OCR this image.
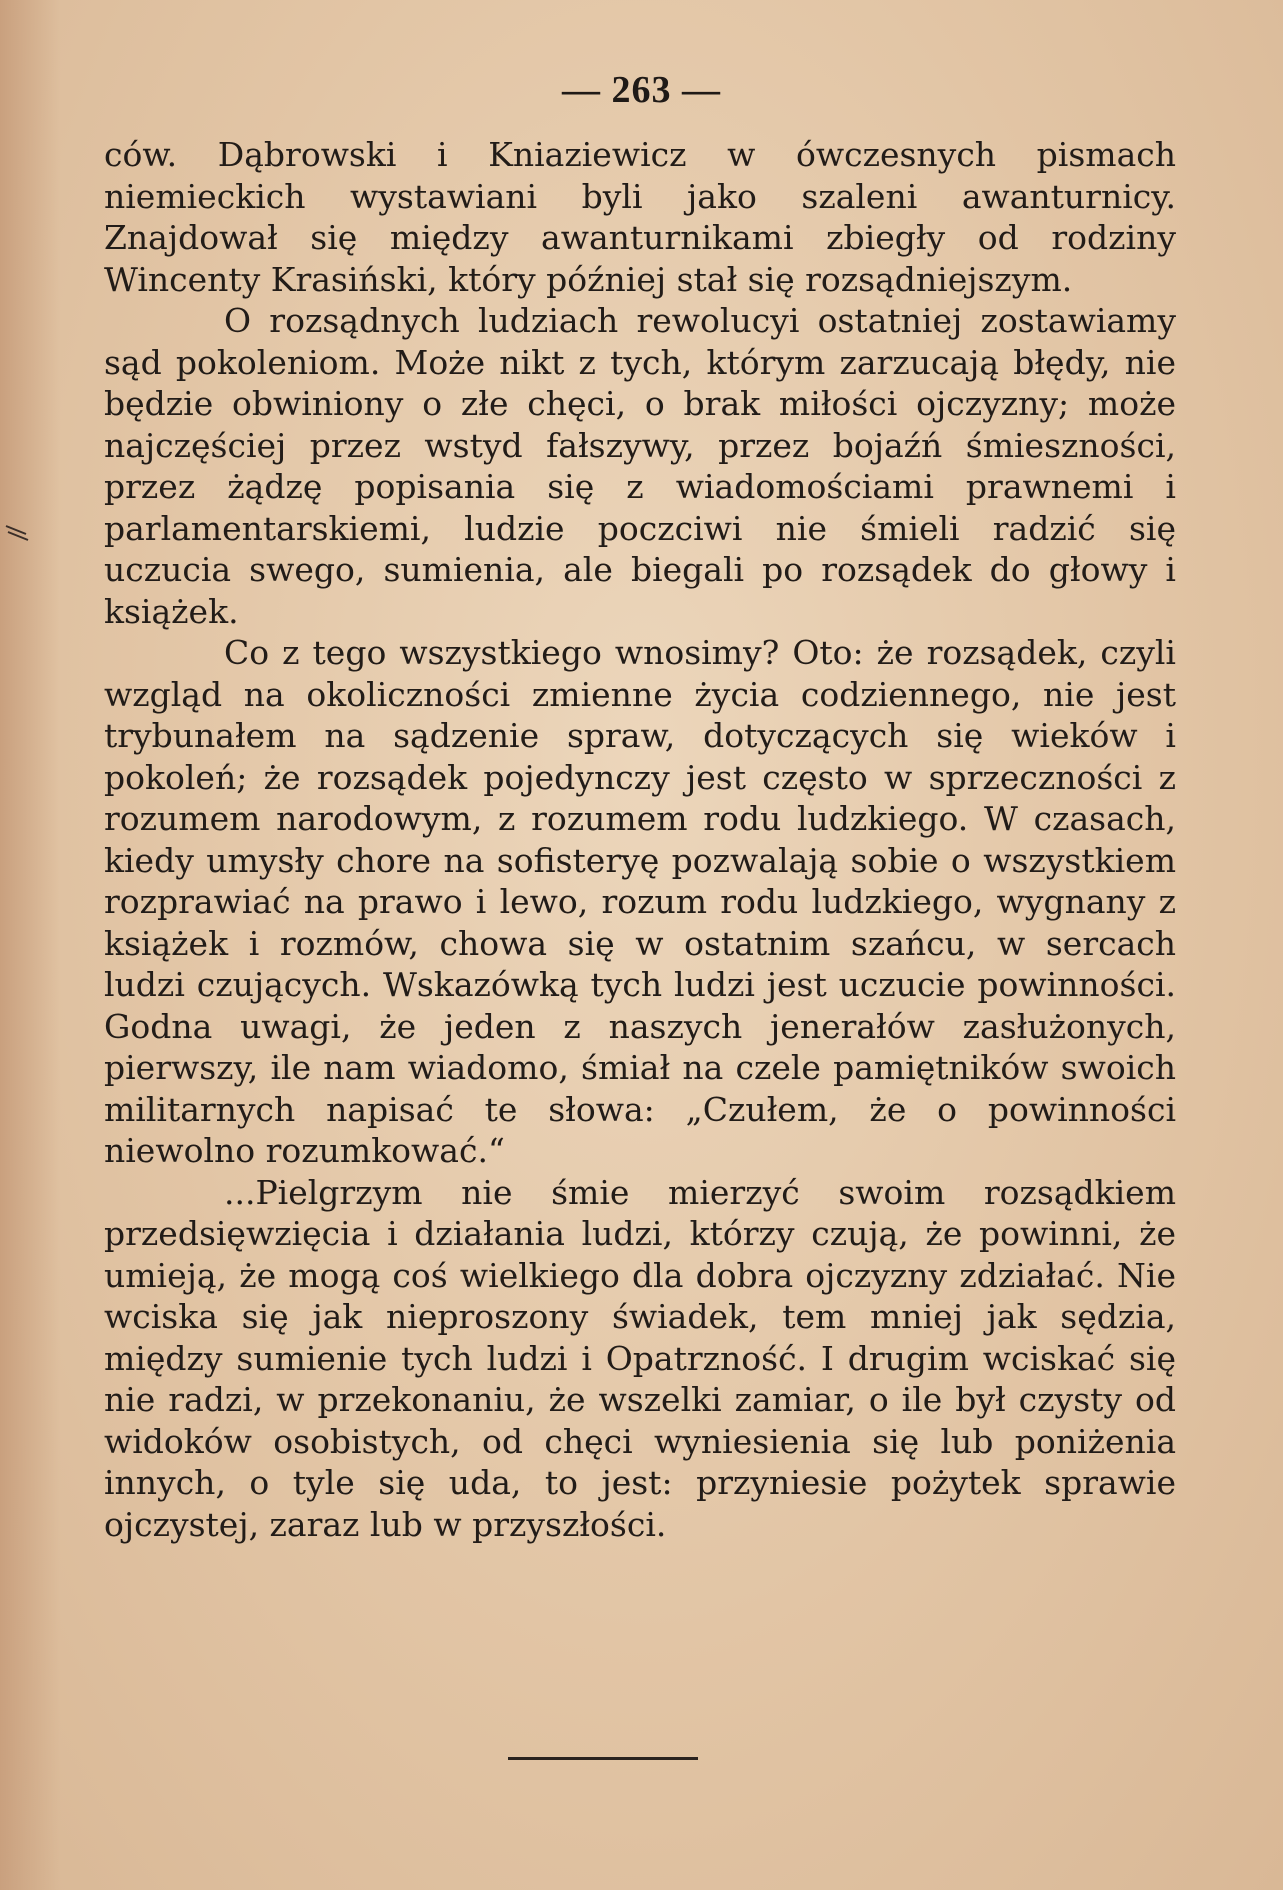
— 263 —

ców. Dąbrowski i Kniaziewicz w ówczesnych pismach niemieckich wystawiani byli jako szaleni awanturnicy. Znajdował się między awanturnikami zbiegły od rodziny Wincenty Krasiński, który później stał się rozsądniejszym.

O rozsądnych ludziach rewolucyi ostatniej zostawiamy sąd pokoleniom. Może nikt z tych, którym zarzucają błędy, nie będzie obwiniony o złe chęci, o brak miłości ojczyzny; może najczęściej przez wstyd fałszywy, przez bojaźń śmieszności, przez żądzę popisania się z wiadomościami prawnemi i parlamentarskiemi, ludzie poczciwi nie śmieli radzić się uczucia swego, sumienia, ale biegali po rozsądek do głowy i książek.

Co z tego wszystkiego wnosimy? Oto: że rozsądek, czyli wzgląd na okoliczności zmienne życia codziennego, nie jest trybunałem na sądzenie spraw, dotyczących się wieków i pokoleń; że rozsądek pojedynczy jest często w sprzeczności z rozumem narodowym, z rozumem rodu ludzkiego. W czasach, kiedy umysły chore na sofisteryę pozwalają sobie o wszystkiem rozprawiać na prawo i lewo, rozum rodu ludzkiego, wygnany z książek i rozmów, chowa się w ostatnim szańcu, w sercach ludzi czujących. Wskazówką tych ludzi jest uczucie powinności. Godna uwagi, że jeden z naszych jenerałów zasłużonych, pierwszy, ile nam wiadomo, śmiał na czele pamiętników swoich militarnych napisać te słowa: „Czułem, że o powinności niewolno rozumkować.“

...Pielgrzym nie śmie mierzyć swoim rozsądkiem przedsięwzięcia i działania ludzi, którzy czują, że powinni, że umieją, że mogą coś wielkiego dla dobra ojczyzny zdziałać. Nie wciska się jak nieproszony świadek, tem mniej jak sędzia, między sumienie tych ludzi i Opatrzność. I drugim wciskać się nie radzi, w przekonaniu, że wszelki zamiar, o ile był czysty od widoków osobistych, od chęci wyniesienia się lub poniżenia innych, o tyle się uda, to jest: przyniesie pożytek sprawie ojczystej, zaraz lub w przyszłości.
